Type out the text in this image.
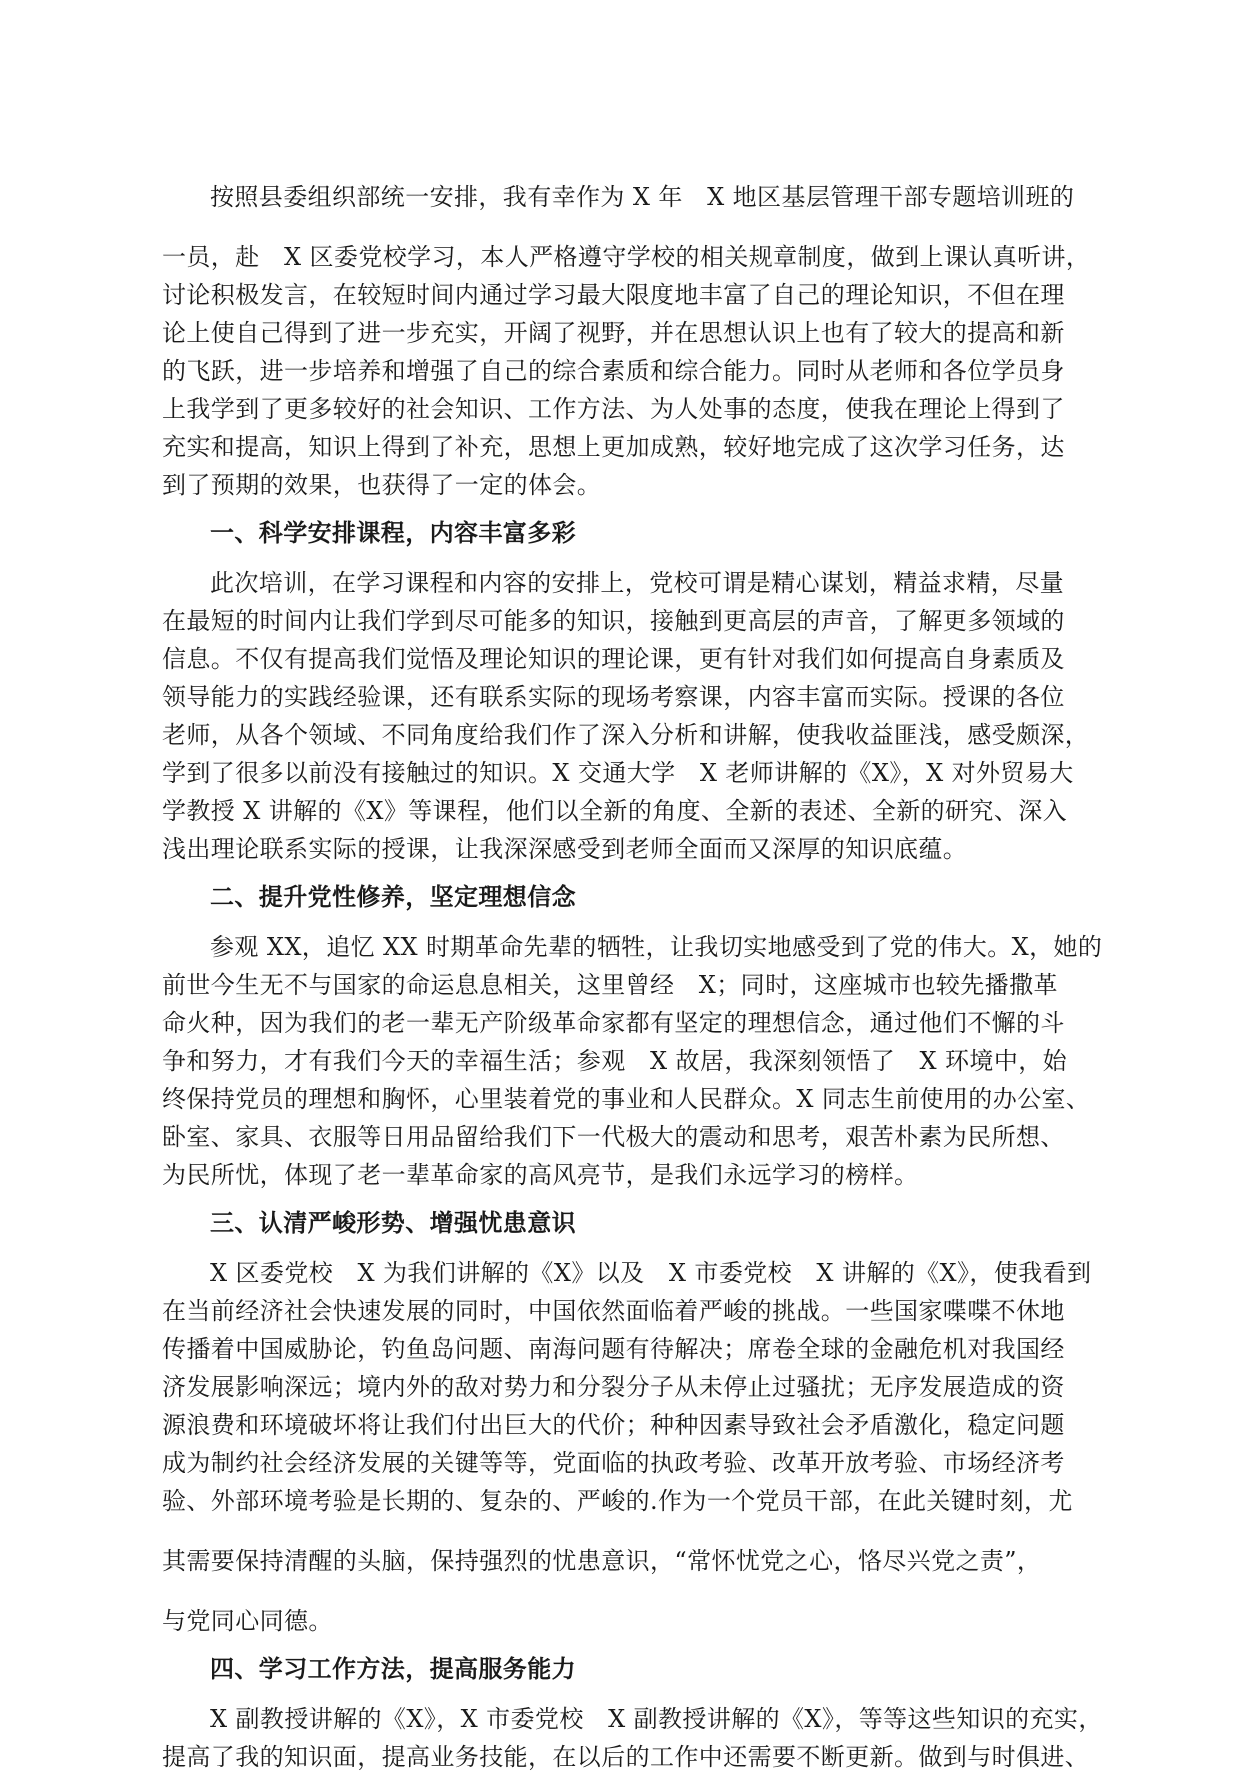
按照县委组织部统一安排，我有幸作为 X 年　X 地区基层管理干部专题培训班的
一员，赴　X 区委党校学习，本人严格遵守学校的相关规章制度，做到上课认真听讲，
讨论积极发言，在较短时间内通过学习最大限度地丰富了自己的理论知识，不但在理
论上使自己得到了进一步充实，开阔了视野，并在思想认识上也有了较大的提高和新
的飞跃，进一步培养和增强了自己的综合素质和综合能力。同时从老师和各位学员身
上我学到了更多较好的社会知识、工作方法、为人处事的态度，使我在理论上得到了
充实和提高，知识上得到了补充，思想上更加成熟，较好地完成了这次学习任务，达
到了预期的效果，也获得了一定的体会。
一、科学安排课程，内容丰富多彩
此次培训，在学习课程和内容的安排上，党校可谓是精心谋划，精益求精，尽量
在最短的时间内让我们学到尽可能多的知识，接触到更高层的声音，了解更多领域的
信息。不仅有提高我们觉悟及理论知识的理论课，更有针对我们如何提高自身素质及
领导能力的实践经验课，还有联系实际的现场考察课，内容丰富而实际。授课的各位
老师，从各个领域、不同角度给我们作了深入分析和讲解，使我收益匪浅，感受颇深，
学到了很多以前没有接触过的知识。X 交通大学　X 老师讲解的《X》，X 对外贸易大
学教授 X 讲解的《X》等课程，他们以全新的角度、全新的表述、全新的研究、深入
浅出理论联系实际的授课，让我深深感受到老师全面而又深厚的知识底蕴。
二、提升党性修养，坚定理想信念
参观 XX，追忆 XX 时期革命先辈的牺牲，让我切实地感受到了党的伟大。X，她的
前世今生无不与国家的命运息息相关，这里曾经　X；同时，这座城市也较先播撒革
命火种，因为我们的老一辈无产阶级革命家都有坚定的理想信念，通过他们不懈的斗
争和努力，才有我们今天的幸福生活；参观　X 故居，我深刻领悟了　X 环境中，始
终保持党员的理想和胸怀，心里装着党的事业和人民群众。X 同志生前使用的办公室、
卧室、家具、衣服等日用品留给我们下一代极大的震动和思考，艰苦朴素为民所想、
为民所忧，体现了老一辈革命家的高风亮节，是我们永远学习的榜样。
三、认清严峻形势、增强忧患意识
X 区委党校　X 为我们讲解的《X》以及　X 市委党校　X 讲解的《X》，使我看到
在当前经济社会快速发展的同时，中国依然面临着严峻的挑战。一些国家喋喋不休地
传播着中国威胁论，钓鱼岛问题、南海问题有待解决；席卷全球的金融危机对我国经
济发展影响深远；境内外的敌对势力和分裂分子从未停止过骚扰；无序发展造成的资
源浪费和环境破坏将让我们付出巨大的代价；种种因素导致社会矛盾激化，稳定问题
成为制约社会经济发展的关键等等，党面临的执政考验、改革开放考验、市场经济考
验、外部环境考验是长期的、复杂的、严峻的.作为一个党员干部，在此关键时刻，尤
其需要保持清醒的头脑，保持强烈的忧患意识，“常怀忧党之心，恪尽兴党之责”，
与党同心同德。
四、学习工作方法，提高服务能力
X 副教授讲解的《X》，X 市委党校　X 副教授讲解的《X》，等等这些知识的充实，
提高了我的知识面，提高业务技能，在以后的工作中还需要不断更新。做到与时俱进、
